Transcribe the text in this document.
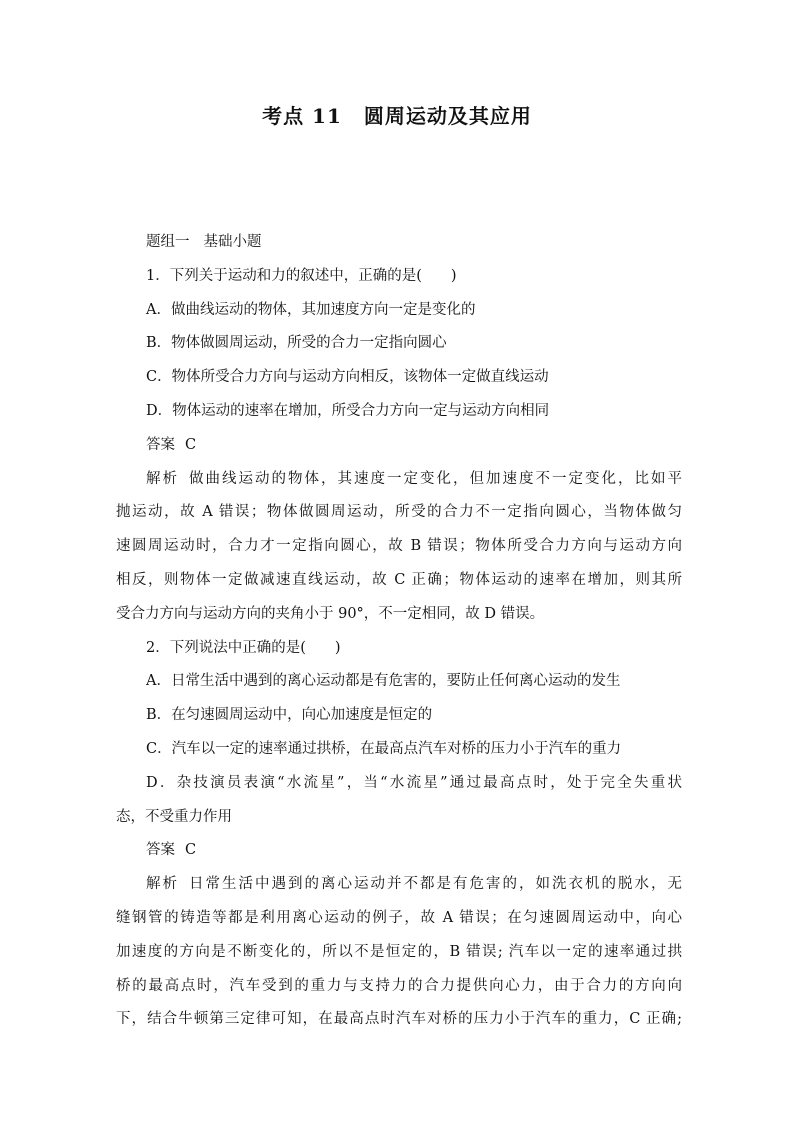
考点 11 圆周运动及其应用
题组一 基础小题
1．下列关于运动和力的叙述中，正确的是(　　)
A．做曲线运动的物体，其加速度方向一定是变化的
B．物体做圆周运动，所受的合力一定指向圆心
C．物体所受合力方向与运动方向相反，该物体一定做直线运动
D．物体运动的速率在增加，所受合力方向一定与运动方向相同
答案 C
解析 做曲线运动的物体，其速度一定变化，但加速度不一定变化，比如平
抛运动，故 A 错误；物体做圆周运动，所受的合力不一定指向圆心，当物体做匀
速圆周运动时，合力才一定指向圆心，故 B 错误；物体所受合力方向与运动方向
相反，则物体一定做减速直线运动，故 C 正确；物体运动的速率在增加，则其所
受合力方向与运动方向的夹角小于 90°，不一定相同，故 D 错误。
2．下列说法中正确的是(　　)
A．日常生活中遇到的离心运动都是有危害的，要防止任何离心运动的发生
B．在匀速圆周运动中，向心加速度是恒定的
C．汽车以一定的速率通过拱桥，在最高点汽车对桥的压力小于汽车的重力
D．杂技演员表演“水流星”，当“水流星”通过最高点时，处于完全失重状
态，不受重力作用
答案 C
解析 日常生活中遇到的离心运动并不都是有危害的，如洗衣机的脱水，无
缝钢管的铸造等都是利用离心运动的例子，故 A 错误；在匀速圆周运动中，向心
加速度的方向是不断变化的，所以不是恒定的，B 错误; 汽车以一定的速率通过拱
桥的最高点时，汽车受到的重力与支持力的合力提供向心力，由于合力的方向向
下，结合牛顿第三定律可知，在最高点时汽车对桥的压力小于汽车的重力，C 正确;
